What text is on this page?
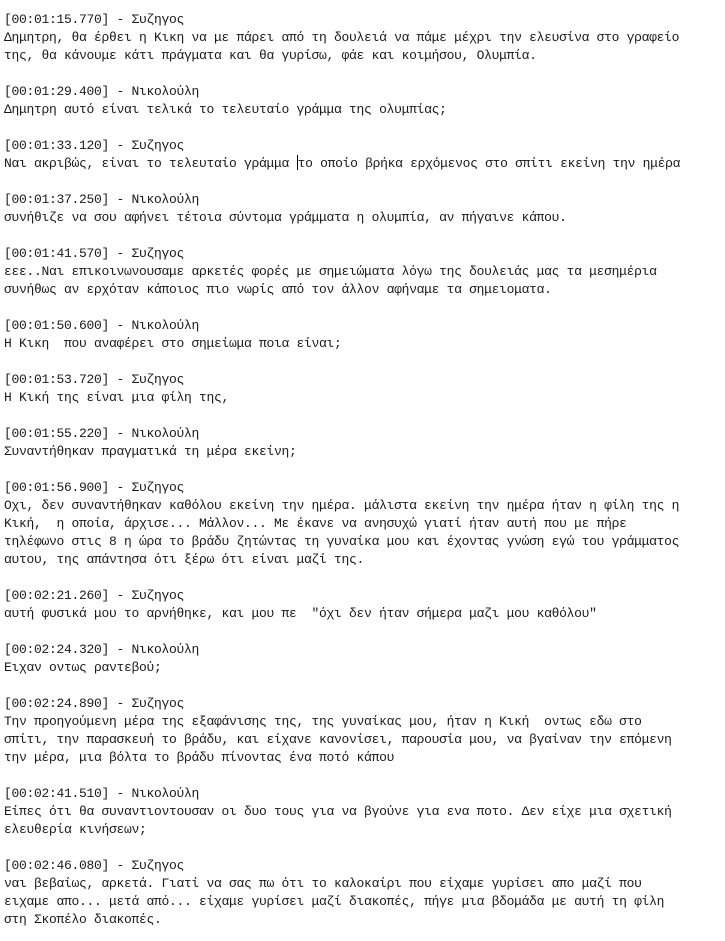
[00:01:15.770] - Συζηγος
Δημητρη, θα έρθει η Κικη να με πάρει από τη δουλειά να πάμε μέχρι την ελευσίνα στο γραφείο
της, θα κάνουμε κάτι πράγματα και θα γυρίσω, φάε και κοιμήσου, Ολυμπία.
[00:01:29.400] - Νικολούλη
Δημητρη αυτό είναι τελικά το τελευταίο γράμμα της ολυμπίας;
[00:01:33.120] - Συζηγος
Ναι ακριβώς, είναι το τελευταίο γράμμα το οποίο βρήκα ερχόμενος στο σπίτι εκείνη την ημέρα
[00:01:37.250] - Νικολούλη
συνήθιζε να σου αφήνει τέτοια σύντομα γράμματα η ολυμπία, αν πήγαινε κάπου.
[00:01:41.570] - Συζηγος
εεε..Ναι επικοινωνουσαμε αρκετές φορές με σημειώματα λόγω της δουλειάς μας τα μεσημέρια
συνήθως αν ερχόταν κάποιος πιο νωρίς από τον άλλον αφήναμε τα σημειοματα.
[00:01:50.600] - Νικολούλη
Η Κικη  που αναφέρει στο σημείωμα ποια είναι;
[00:01:53.720] - Συζηγος
Η Κική της είναι μια φίλη της,
[00:01:55.220] - Νικολούλη
Συναντήθηκαν πραγματικά τη μέρα εκείνη;
[00:01:56.900] - Συζηγος
Οχι, δεν συναντήθηκαν καθόλου εκείνη την ημέρα. μάλιστα εκείνη την ημέρα ήταν η φίλη της η
Κική,  η οποία, άρχισε... Μάλλον... Με έκανε να ανησυχώ γιατί ήταν αυτή που με πήρε
τηλέφωνο στις 8 η ώρα το βράδυ ζητώντας τη γυναίκα μου και έχοντας γνώση εγώ του γράμματος
αυτου, της απάντησα ότι ξέρω ότι είναι μαζί της.
[00:02:21.260] - Συζηγος
αυτή φυσικά μου το αρνήθηκε, και μου πε  "όχι δεν ήταν σήμερα μαζι μου καθόλου"
[00:02:24.320] - Νικολούλη
Ειχαν οντως ραντεβού;
[00:02:24.890] - Συζηγος
Την προηγούμενη μέρα της εξαφάνισης της, της γυναίκας μου, ήταν η Κική  οντως εδω στο
σπίτι, την παρασκευή το βράδυ, και είχανε κανονίσει, παρουσία μου, να βγαίναν την επόμενη
την μέρα, μια βόλτα το βράδυ πίνοντας ένα ποτό κάπου
[00:02:41.510] - Νικολούλη
Είπες ότι θα συναντιοντουσαν οι δυο τους για να βγούνε για ενα ποτο. Δεν είχε μια σχετική
ελευθερία κινήσεων;
[00:02:46.080] - Συζηγος
ναι βεβαίως, αρκετά. Γιατί να σας πω ότι το καλοκαίρι που είχαμε γυρίσει απο μαζί που
ειχαμε απο... μετά από... είχαμε γυρίσει μαζί διακοπές, πήγε μια βδομάδα με αυτή τη φίλη
στη Σκοπέλο διακοπές.
